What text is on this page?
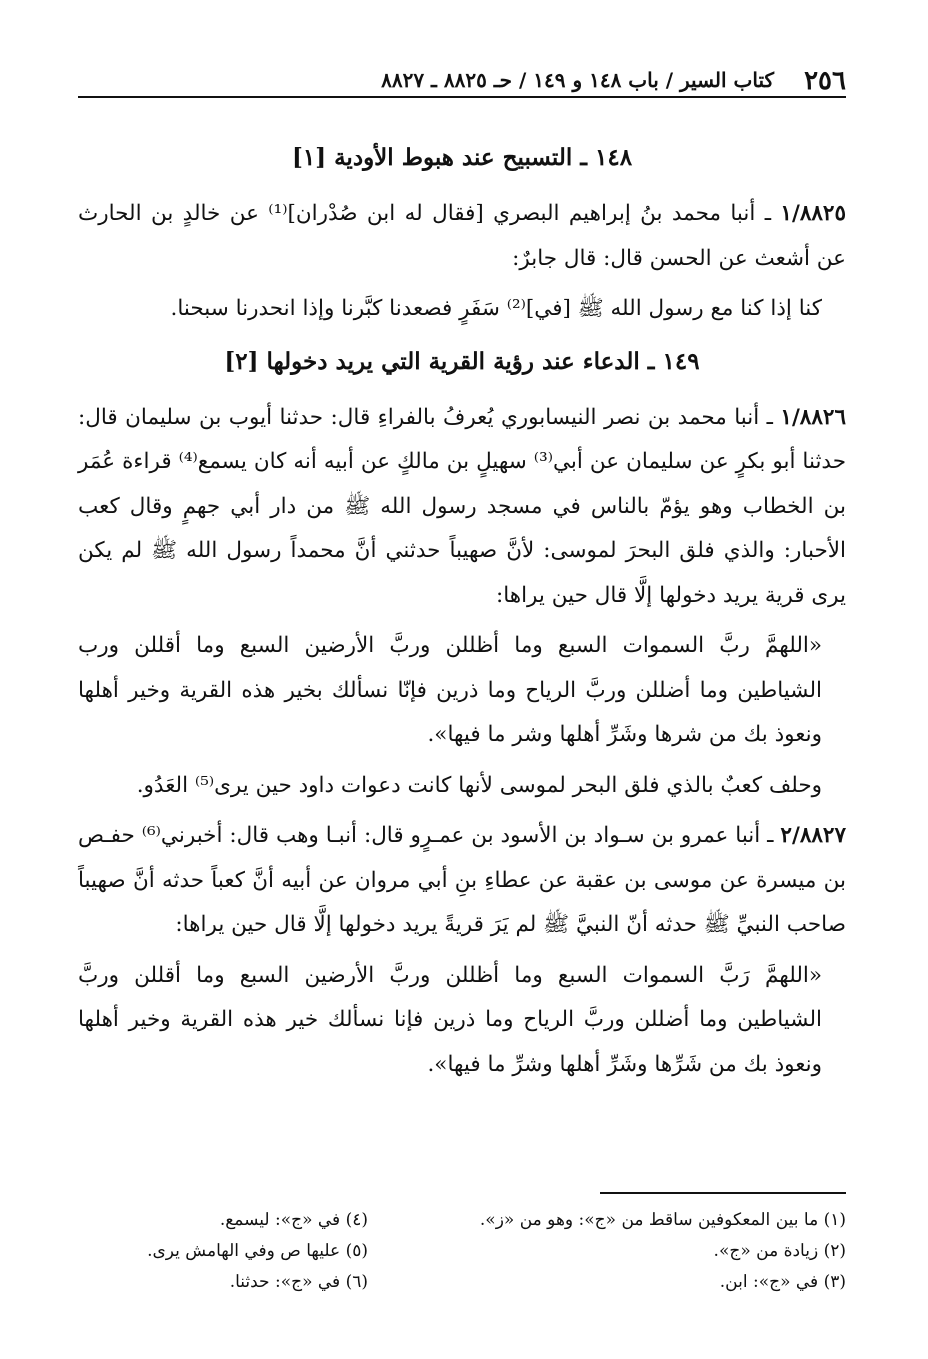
٢٥٦
كتاب السير / باب ١٤٨ و ١٤٩ / حـ ٨٨٢٥ ـ ٨٨٢٧
١٤٨ ـ التسبيح عند هبوط الأودية [١]

١/٨٨٢٥ ـ أنبا محمد بنُ إبراهيم البصري [فقال له ابن صُدْران]⁽¹⁾ عن خالدٍ بن الحارث عن أشعث عن الحسن قال: قال جابرٌ:

كنا إذا كنا مع رسول الله ﷺ [في]⁽²⁾ سَفَرٍ فصعدنا كبَّرنا وإذا انحدرنا سبحنا.

١٤٩ ـ الدعاء عند رؤية القرية التي يريد دخولها [٢]

١/٨٨٢٦ ـ أنبا محمد بن نصر النيسابوري يُعرفُ بالفراءِ قال: حدثنا أيوب بن سليمان قال: حدثنا أبو بكرٍ عن سليمان عن أبي⁽³⁾ سهيلٍ بن مالكٍ عن أبيه أنه كان يسمع⁽⁴⁾ قراءة عُمَر بن الخطاب وهو يؤمّ بالناس في مسجد رسول الله ﷺ من دار أبي جهمٍ وقال كعب الأحبار: والذي فلق البحرَ لموسى: لأنَّ صهيباً حدثني أنَّ محمداً رسول الله ﷺ لم يكن يرى قرية يريد دخولها إلَّا قال حين يراها:

«اللهمَّ ربَّ السموات السبع وما أظللن وربَّ الأرضين السبع وما أقللن ورب الشياطين وما أضللن وربَّ الرياح وما ذرين فإنّا نسألك بخير هذه القرية وخير أهلها ونعوذ بك من شرها وشَرِّ أهلها وشر ما فيها».

وحلف كعبٌ بالذي فلق البحر لموسى لأنها كانت دعوات داود حين يرى⁽⁵⁾ العَدُو.

٢/٨٨٢٧ ـ أنبا عمرو بن سـواد بن الأسود بن عمـرٍو قال: أنبـا وهب قال: أخبرني⁽⁶⁾ حفـص بن ميسرة عن موسى بن عقبة عن عطاءِ بنِ أبي مروان عن أبيه أنَّ كعباً حدثه أنَّ صهيباً صاحب النبيِّ ﷺ حدثه أنّ النبيَّ ﷺ لم يَرَ قريةً يريد دخولها إلَّا قال حين يراها:

«اللهمَّ رَبَّ السموات السبع وما أظللن وربَّ الأرضين السبع وما أقللن وربَّ الشياطين وما أضللن وربَّ الرياح وما ذرين فإنا نسألك خير هذه القرية وخير أهلها ونعوذ بك من شَرِّها وشَرِّ أهلها وشرِّ ما فيها».

(١) ما بين المعكوفين ساقط من «ج»: وهو من «ز».
(٢) زيادة من «ج».
(٣) في «ج»: ابن.
(٤) في «ج»: ليسمع.
(٥) عليها ص وفي الهامش يرى.
(٦) في «ج»: حدثنا.
